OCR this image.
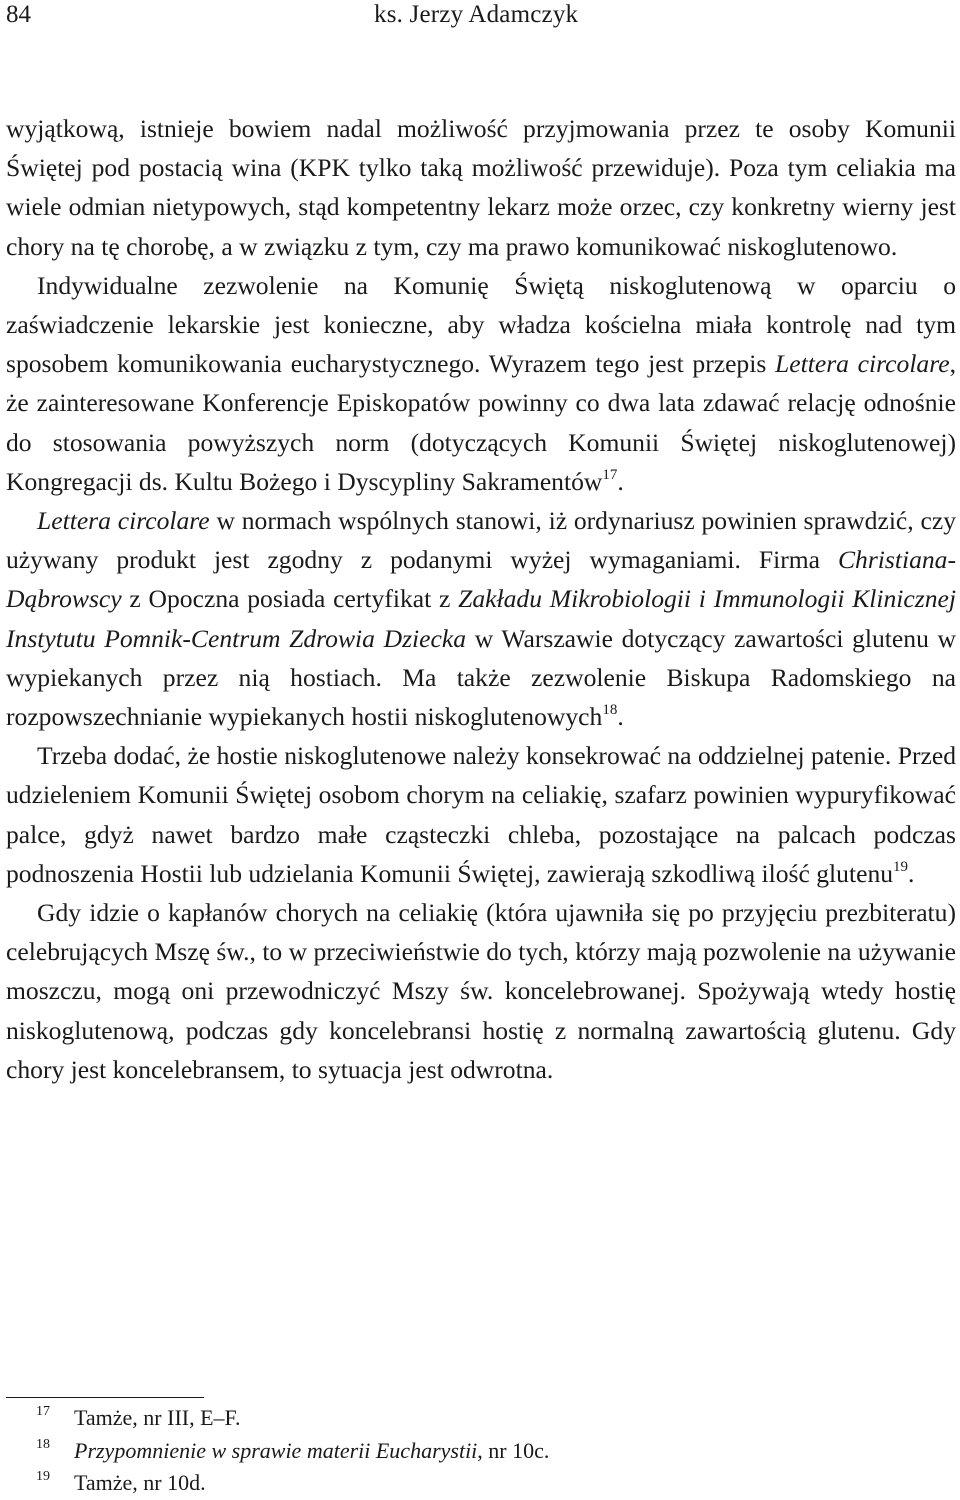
84	ks. Jerzy Adamczyk

wyjątkową, istnieje bowiem nadal możliwość przyjmowania przez te osoby Komunii Świętej pod postacią wina (KPK tylko taką możliwość przewiduje). Poza tym celiakia ma wiele odmian nietypowych, stąd kompetentny lekarz może orzec, czy konkretny wierny jest chory na tę chorobę, a w związku z tym, czy ma prawo komunikować niskoglutenowo.

Indywidualne zezwolenie na Komunię Świętą niskoglutenową w oparciu o zaświadczenie lekarskie jest konieczne, aby władza kościelna miała kontrolę nad tym sposobem komunikowania eucharystycznego. Wyrazem tego jest przepis Lettera circolare, że zainteresowane Konferencje Episkopatów powinny co dwa lata zdawać relację odnośnie do stosowania powyższych norm (dotyczących Komunii Świętej niskoglutenowej) Kongregacji ds. Kultu Bożego i Dyscypliny Sakramentów$^{17}$.

Lettera circolare w normach wspólnych stanowi, iż ordynariusz powinien sprawdzić, czy używany produkt jest zgodny z podanymi wyżej wymaganiami. Firma Christiana-Dąbrowscy z Opoczna posiada certyfikat z Zakładu Mikrobiologii i Immunologii Klinicznej Instytutu Pomnik-Centrum Zdrowia Dziecka w Warszawie dotyczący zawartości glutenu w wypiekanych przez nią hostiach. Ma także zezwolenie Biskupa Radomskiego na rozpowszechnianie wypiekanych hostii niskoglutenowych$^{18}$.

Trzeba dodać, że hostie niskoglutenowe należy konsekrować na oddzielnej patenie. Przed udzieleniem Komunii Świętej osobom chorym na celiakię, szafarz powinien wypuryfikować palce, gdyż nawet bardzo małe cząsteczki chleba, pozostające na palcach podczas podnoszenia Hostii lub udzielania Komunii Świętej, zawierają szkodliwą ilość glutenu$^{19}$.

Gdy idzie o kapłanów chorych na celiakię (która ujawniła się po przyjęciu prezbiteratu) celebrujących Mszę św., to w przeciwieństwie do tych, którzy mają pozwolenie na używanie moszczu, mogą oni przewodniczyć Mszy św. koncelebrowanej. Spożywają wtedy hostię niskoglutenową, podczas gdy koncelebransi hostię z normalną zawartością glutenu. Gdy chory jest koncelebransem, to sytuacja jest odwrotna.

17 Tamże, nr III, E–F.
18 Przypomnienie w sprawie materii Eucharystii, nr 10c.
19 Tamże, nr 10d.
